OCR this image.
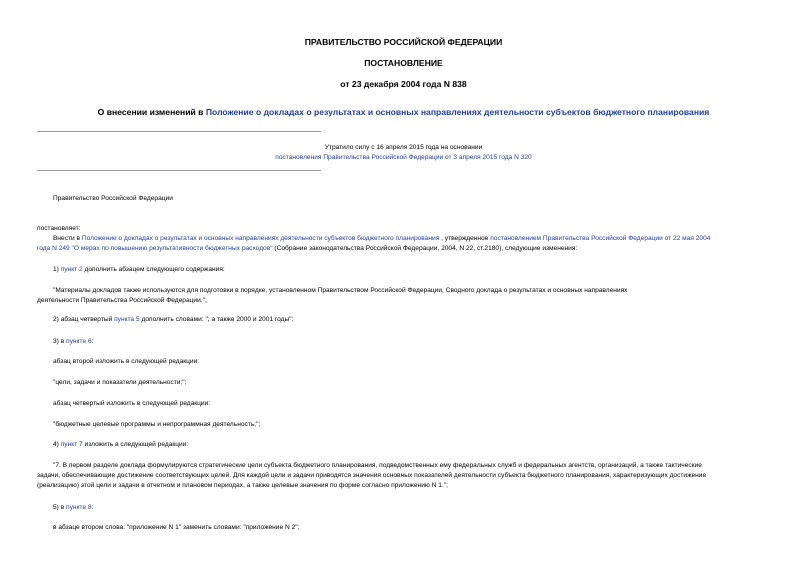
ПРАВИТЕЛЬСТВО РОССИЙСКОЙ ФЕДЕРАЦИИ
ПОСТАНОВЛЕНИЕ
от 23 декабря 2004 года N 838
О внесении изменений в Положение о докладах о результатах и основных направлениях деятельности субъектов бюджетного планирования
Утратило силу с 16 апреля 2015 года на основании
постановления Правительства Российской Федерации от 3 апреля 2015 года N 320
Правительство Российской Федерации
постановляет:
Внести в Положение о докладах о результатах и основных направлениях деятельности субъектов бюджетного планирования , утвержденное постановлением Правительства Российской Федерации от 22 мая 2004
года N 249 "О мерах по повышению результативности бюджетных расходов" (Собрание законодательства Российской Федерации, 2004, N 22, ст.2180), следующие изменения:
1) пункт 2 дополнить абзацем следующего содержания:
"Материалы докладов также используются для подготовки в порядке, установленном Правительством Российской Федерации, Сводного доклада о результатах и основных направлениях
деятельности Правительства Российской Федерации.";
2) абзац четвертый пункта 5 дополнить словами: ", а также 2000 и 2001 годы";
3) в пункте 6:
абзац второй изложить в следующей редакции:
"цели, задачи и показатели деятельности;";
абзац четвертый изложить в следующей редакции:
"бюджетные целевые программы и непрограммная деятельность;";
4) пункт 7 изложить в следующей редакции:
"7. В первом разделе доклада формулируются стратегические цели субъекта бюджетного планирования, подведомственных ему федеральных служб и федеральных агентств, организаций, а также тактические
задачи, обеспечивающие достижение соответствующих целей. Для каждой цели и задачи приводятся значения основных показателей деятельности субъекта бюджетного планирования, характеризующих достижение
(реализацию) этой цели и задачи в отчетном и плановом периодах, а также целевые значения по форме согласно приложению N 1.";
5) в пункте 8:
в абзаце втором слова: "приложение N 1" заменить словами: "приложение N 2";
